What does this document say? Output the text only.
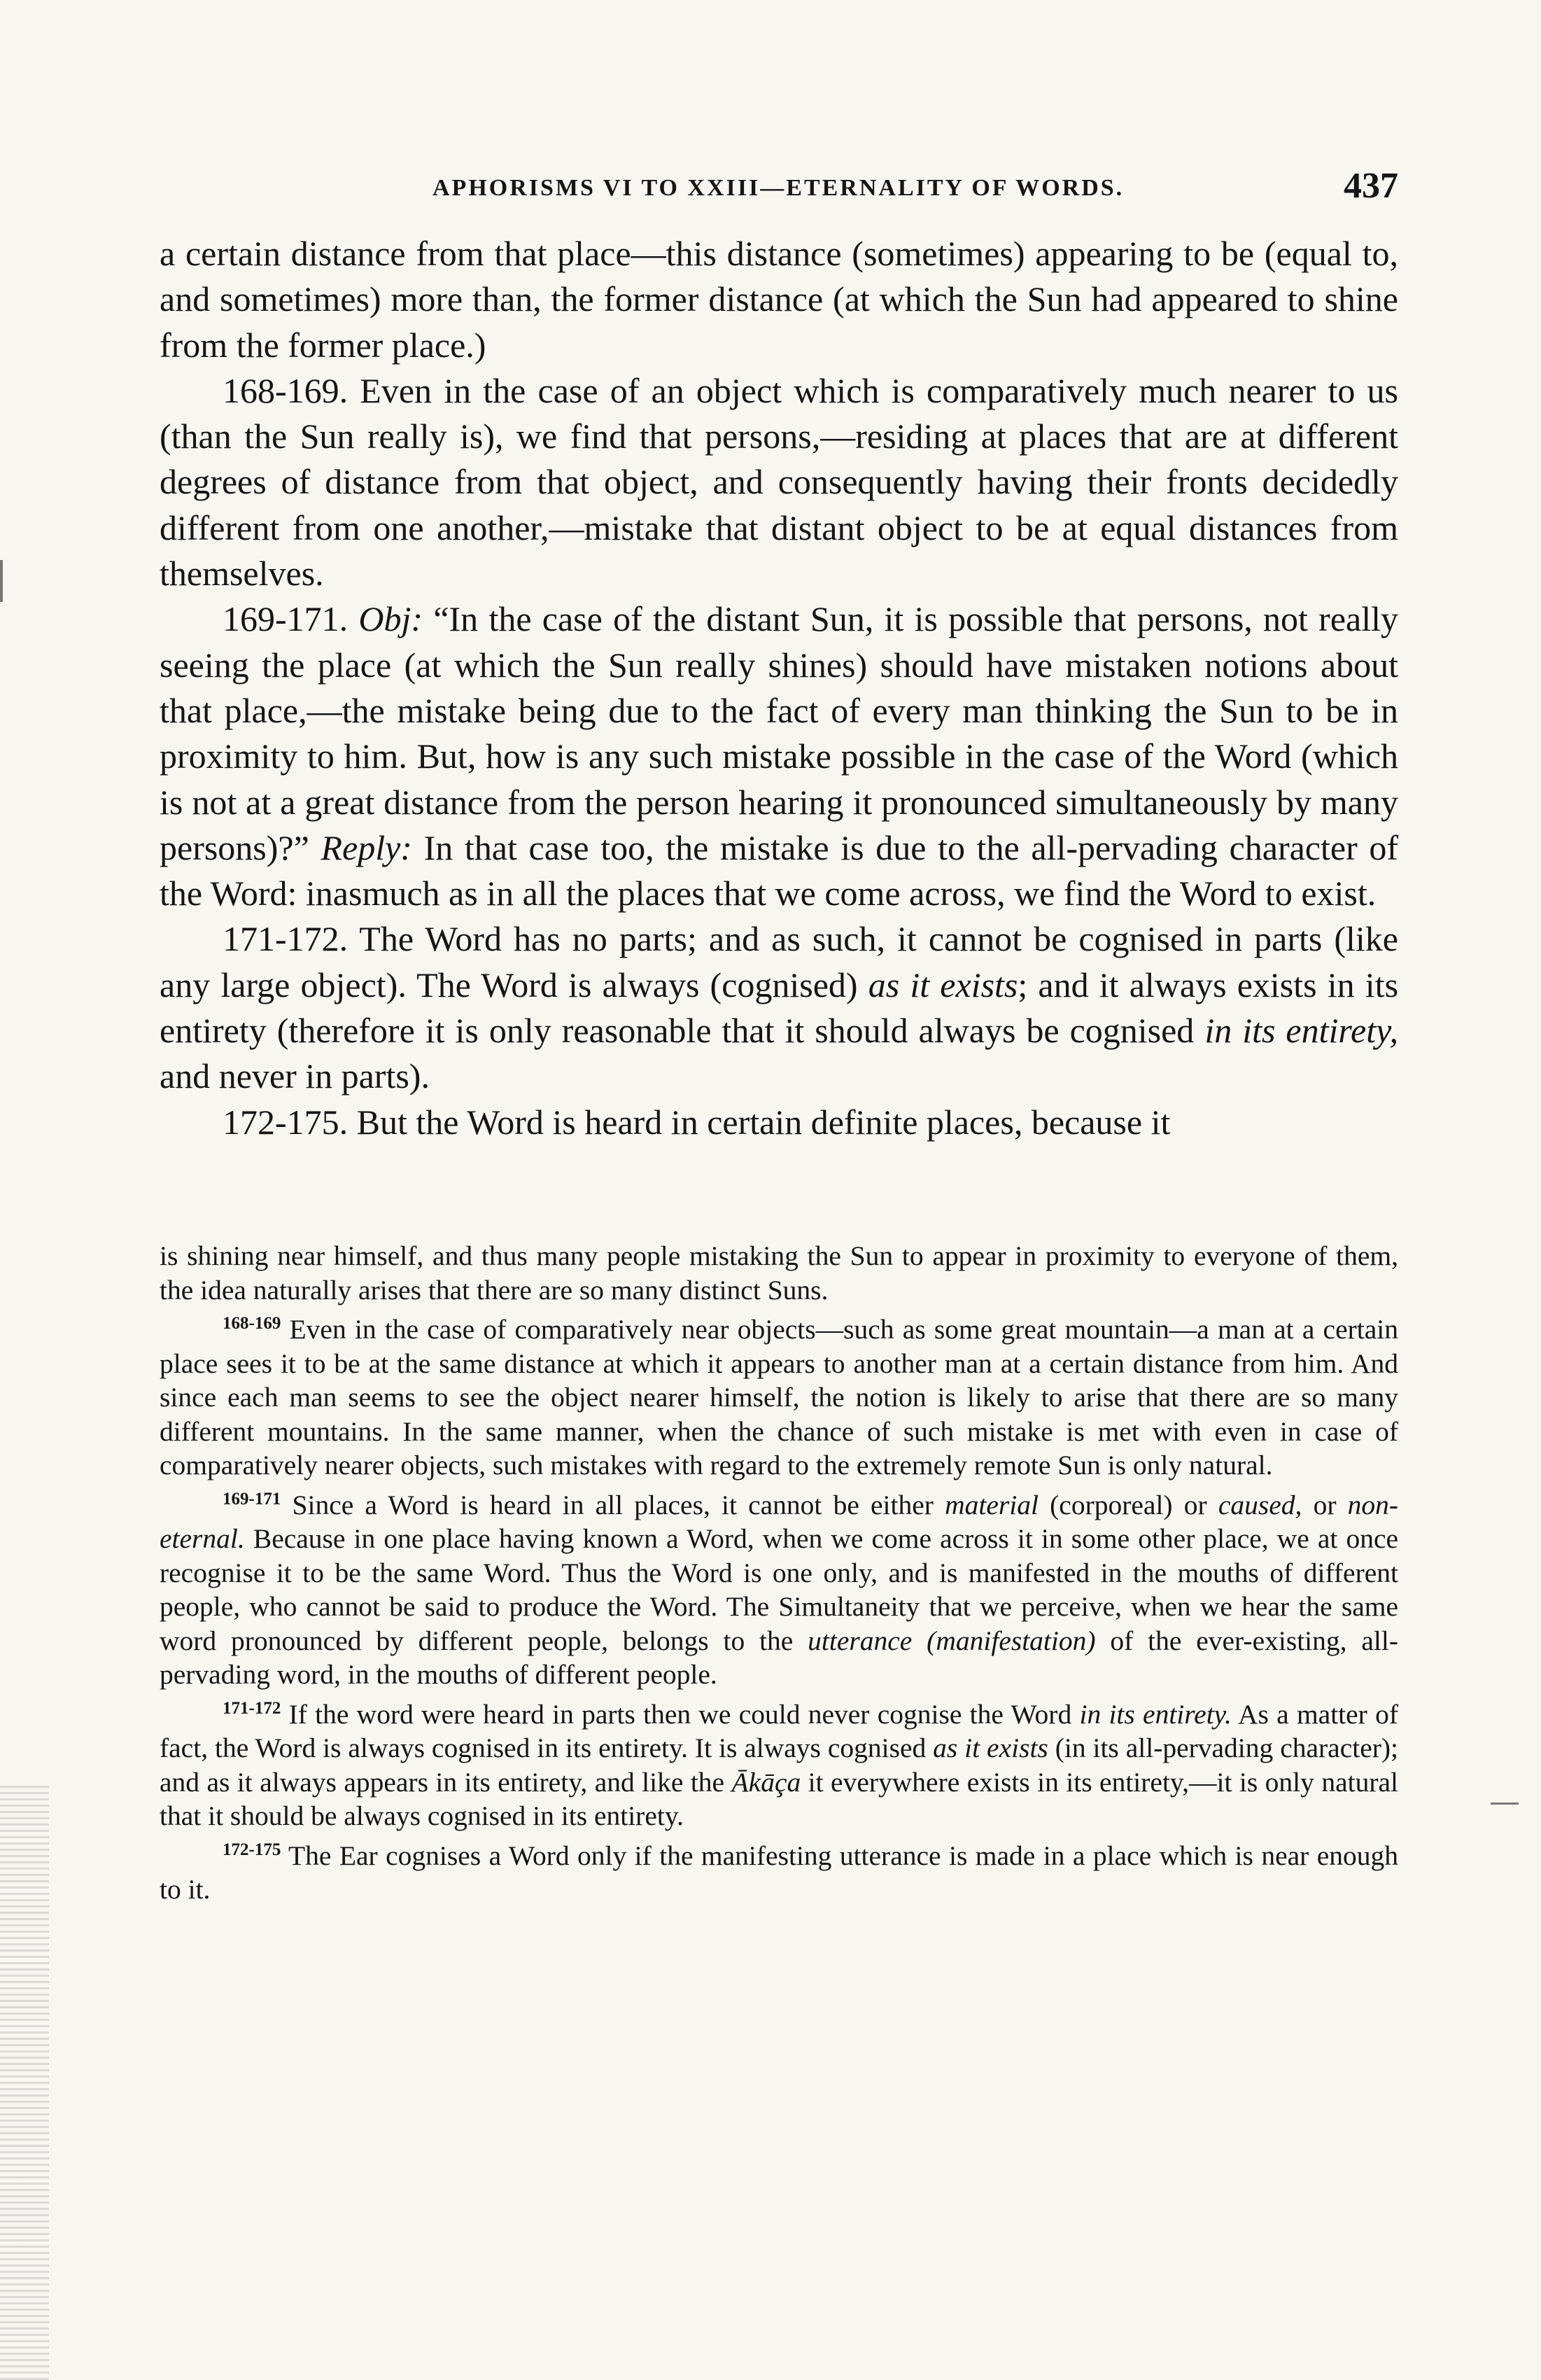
APHORISMS VI TO XXIII—ETERNALITY OF WORDS.	437

a certain distance from that place—this distance (sometimes) appearing to be (equal to, and sometimes) more than, the former distance (at which the Sun had appeared to shine from the former place.)

168-169. Even in the case of an object which is comparatively much nearer to us (than the Sun really is), we find that persons,—residing at places that are at different degrees of distance from that object, and consequently having their fronts decidedly different from one another,—mistake that distant object to be at equal distances from themselves.

169-171. Obj: “In the case of the distant Sun, it is possible that persons, not really seeing the place (at which the Sun really shines) should have mistaken notions about that place,—the mistake being due to the fact of every man thinking the Sun to be in proximity to him. But, how is any such mistake possible in the case of the Word (which is not at a great distance from the person hearing it pronounced simultaneously by many persons)?” Reply: In that case too, the mistake is due to the all-pervading character of the Word: inasmuch as in all the places that we come across, we find the Word to exist.

171-172. The Word has no parts; and as such, it cannot be cognised in parts (like any large object). The Word is always (cognised) as it exists; and it always exists in its entirety (therefore it is only reasonable that it should always be cognised in its entirety, and never in parts).

172-175. But the Word is heard in certain definite places, because it

is shining near himself, and thus many people mistaking the Sun to appear in proximity to everyone of them, the idea naturally arises that there are so many distinct Suns.

$^{168-169}$ Even in the case of comparatively near objects—such as some great mountain—a man at a certain place sees it to be at the same distance at which it appears to another man at a certain distance from him. And since each man seems to see the object nearer himself, the notion is likely to arise that there are so many different mountains. In the same manner, when the chance of such mistake is met with even in case of comparatively nearer objects, such mistakes with regard to the extremely remote Sun is only natural.

$^{169-171}$ Since a Word is heard in all places, it cannot be either material (corporeal) or caused, or non-eternal. Because in one place having known a Word, when we come across it in some other place, we at once recognise it to be the same Word. Thus the Word is one only, and is manifested in the mouths of different people, who cannot be said to produce the Word. The Simultaneity that we perceive, when we hear the same word pronounced by different people, belongs to the utterance (manifestation) of the ever-existing, all-pervading word, in the mouths of different people.

$^{171-172}$ If the word were heard in parts then we could never cognise the Word in its entirety. As a matter of fact, the Word is always cognised in its entirety. It is always cognised as it exists (in its all-pervading character); and as it always appears in its entirety, and like the Ākāça it everywhere exists in its entirety,—it is only natural that it should be always cognised in its entirety.

$^{172-175}$ The Ear cognises a Word only if the manifesting utterance is made in a place which is near enough to it.
